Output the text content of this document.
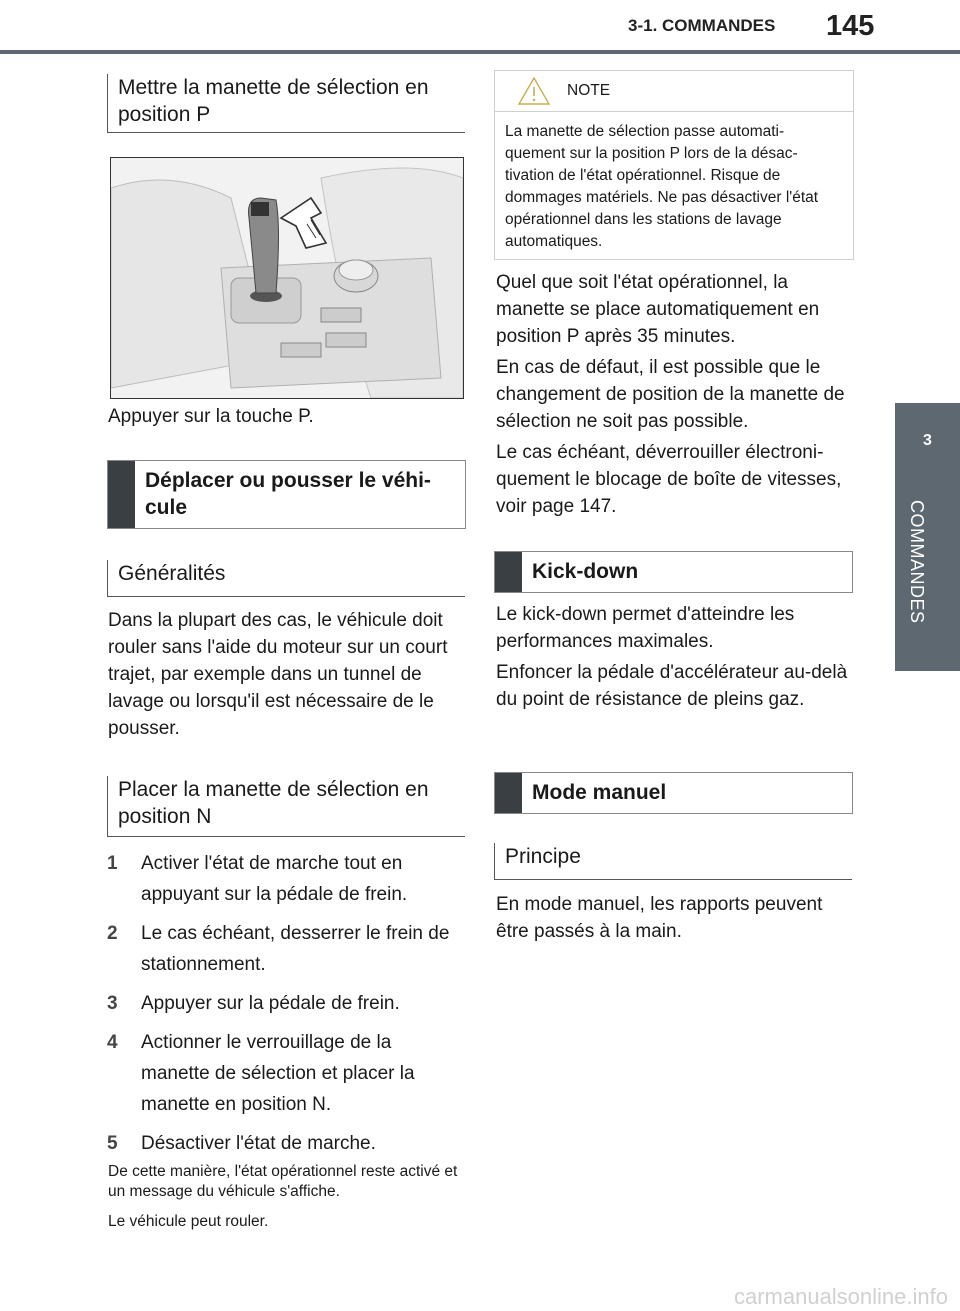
3-1. COMMANDES 145
3
COMMANDES
Mettre la manette de sélection en position P
Appuyer sur la touche P.
Déplacer ou pousser le véhi-cule
Généralités
Dans la plupart des cas, le véhicule doit rouler sans l'aide du moteur sur un court trajet, par exemple dans un tunnel de lavage ou lorsqu'il est nécessaire de le pousser.
Placer la manette de sélection en position N
1	Activer l'état de marche tout en appuyant sur la pédale de frein.
2	Le cas échéant, desserrer le frein de stationnement.
3	Appuyer sur la pédale de frein.
4	Actionner le verrouillage de la manette de sélection et placer la manette en position N.
5	Désactiver l'état de marche.
De cette manière, l'état opérationnel reste activé et un message du véhicule s'affiche.
Le véhicule peut rouler.
NOTE
La manette de sélection passe automati-quement sur la position P lors de la désac-tivation de l'état opérationnel. Risque de dommages matériels. Ne pas désactiver l'état opérationnel dans les stations de lavage automatiques.
Quel que soit l'état opérationnel, la manette se place automatiquement en position P après 35 minutes.
En cas de défaut, il est possible que le changement de position de la manette de sélection ne soit pas possible.
Le cas échéant, déverrouiller électroni-quement le blocage de boîte de vitesses, voir page 147.
Kick-down
Le kick-down permet d'atteindre les performances maximales.
Enfoncer la pédale d'accélérateur au-delà du point de résistance de pleins gaz.
Mode manuel
Principe
En mode manuel, les rapports peuvent être passés à la main.
carmanualsonline.info
